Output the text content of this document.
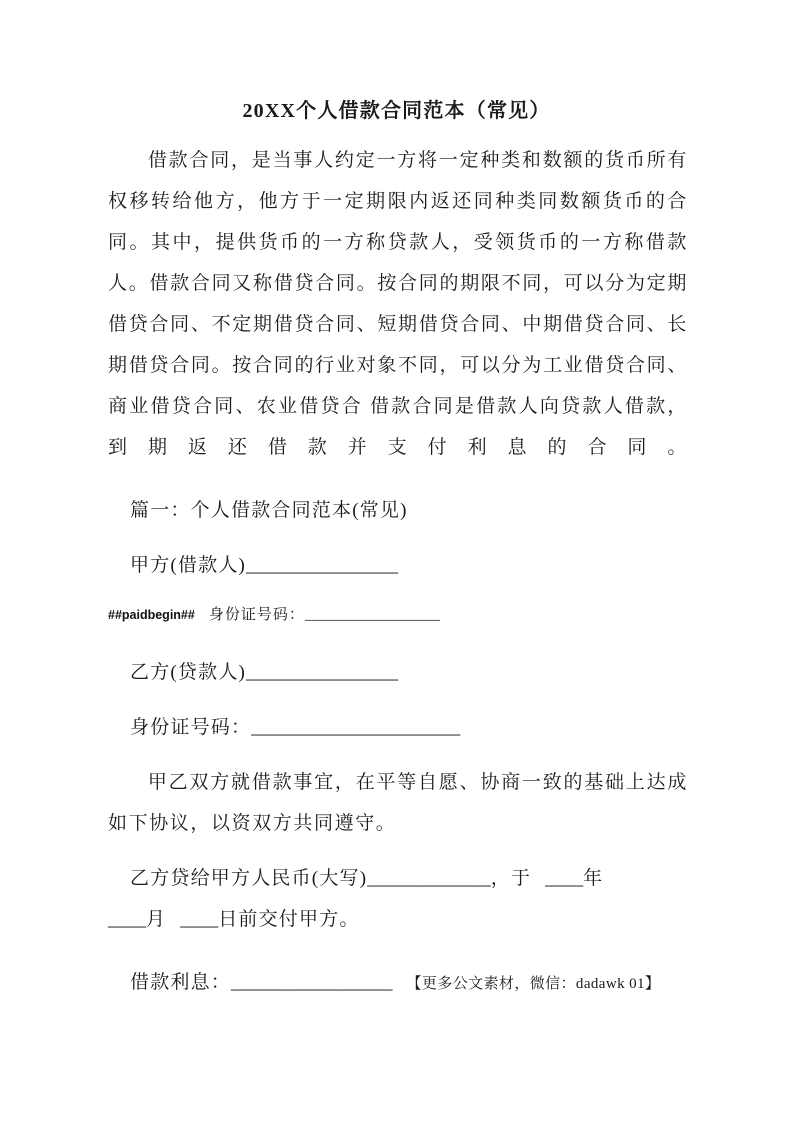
20XX个人借款合同范本（常见）

借款合同，是当事人约定一方将一定种类和数额的货币所有权移转给他方，他方于一定期限内返还同种类同数额货币的合同。其中，提供货币的一方称贷款人，受领货币的一方称借款人。借款合同又称借贷合同。按合同的期限不同，可以分为定期借贷合同、不定期借贷合同、短期借贷合同、中期借贷合同、长期借贷合同。按合同的行业对象不同，可以分为工业借贷合同、商业借贷合同、农业借贷合 借款合同是借款人向贷款人借款，到期返还借款并支付利息的合同。

篇一：个人借款合同范本(常见)
甲方(借款人)________________
##paidbegin## 身份证号码：__________________
乙方(贷款人)________________
身份证号码：______________________

甲乙双方就借款事宜，在平等自愿、协商一致的基础上达成如下协议，以资双方共同遵守。

乙方贷给甲方人民币(大写)_____________，于 ____年
____月 ____日前交付甲方。
借款利息：_________________ 【更多公文素材，微信：dadawk 01】
